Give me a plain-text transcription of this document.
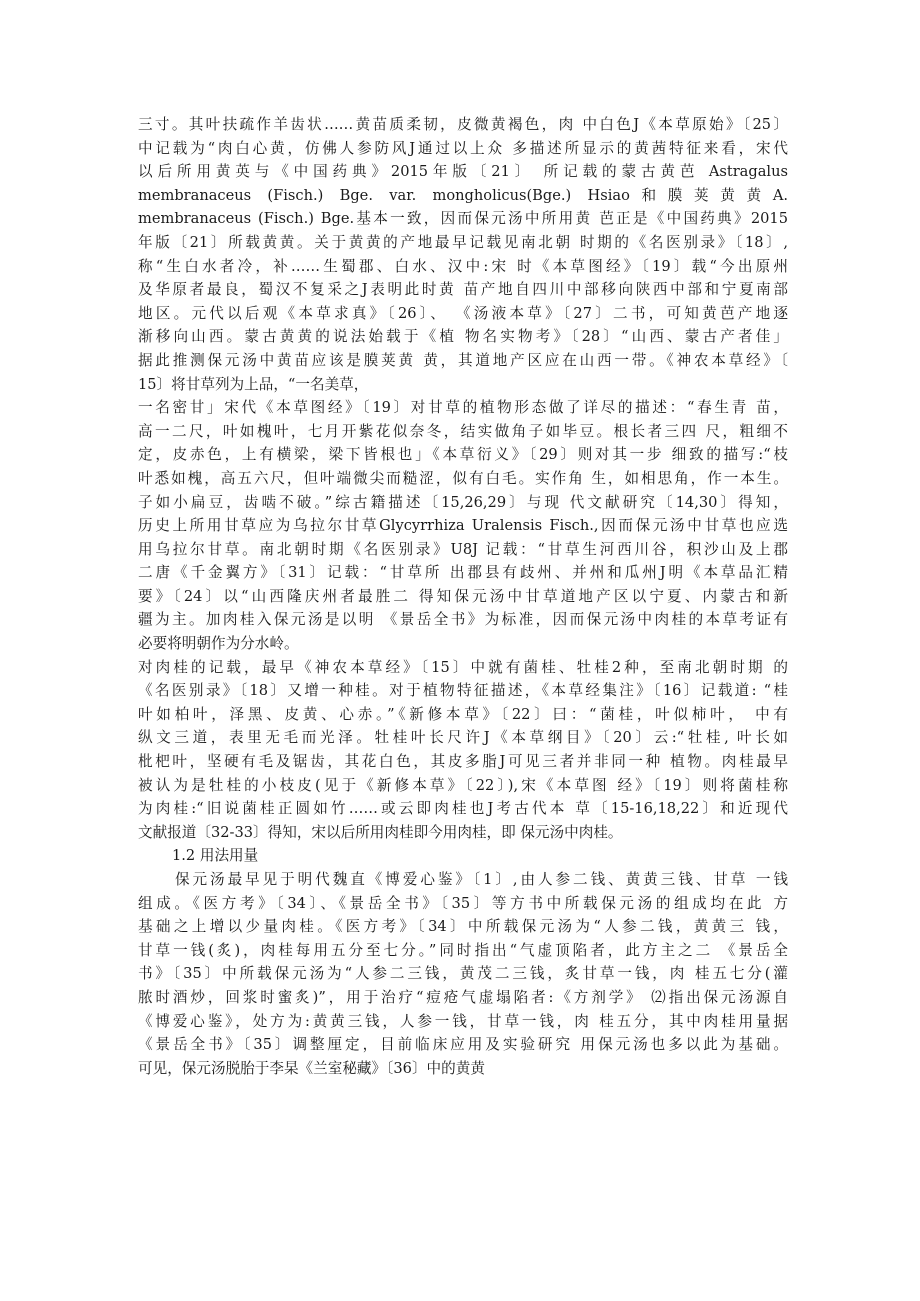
三寸。其叶扶疏作羊齿状……黄苗质柔韧，皮微黄褐色，肉 中白色J《本草原始》〔25〕
中记载为“肉白心黄，仿佛人参防风J通过以上众 多描述所显示的黄茜特征来看，宋代
以后所用黄英与《中国药典》2015年版〔21〕 所记载的蒙古黄芭 Astragalus
membranaceus (Fisch.) Bge. var. mongholicus(Bge.) Hsiao和膜荚黄黄A.
membranaceus (Fisch.) Bge.基本一致，因而保元汤中所用黄 芭正是《中国药典》2015
年版〔21〕所载黄黄。关于黄黄的产地最早记载见南北朝 时期的《名医别录》〔18〕,
称“生白水者冷，补……生蜀郡、白水、汉中:宋 时《本草图经》〔19〕载“今出原州
及华原者最良，蜀汉不复采之J表明此时黄 苗产地自四川中部移向陕西中部和宁夏南部
地区。元代以后观《本草求真》〔26〕、 《汤液本草》〔27〕二书，可知黄芭产地逐
渐移向山西。蒙古黄黄的说法始载于《植 物名实物考》〔28〕“山西、蒙古产者佳」
据此推测保元汤中黄苗应该是膜荚黄 黄，其道地产区应在山西一带。《神农本草经》〔
15〕将甘草列为上品，“一名美草，
一名密甘」宋代《本草图经》〔19〕对甘草的植物形态做了详尽的描述：“春生青 苗，
高一二尺，叶如槐叶，七月开紫花似奈冬，结实做角子如毕豆。根长者三四 尺，粗细不
定，皮赤色，上有横梁，梁下皆根也」《本草衍义》〔29〕则对其一步 细致的描写:“枝
叶悉如槐，高五六尺，但叶端微尖而糙涩，似有白毛。实作角 生，如相思角，作一本生。
子如小扁豆，齿啮不破。”综古籍描述〔15,26,29〕与现 代文献研究〔14,30〕得知，
历史上所用甘草应为乌拉尔甘草Glycyrrhiza Uralensis Fisch.,因而保元汤中甘草也应选
用乌拉尔甘草。南北朝时期《名医别录》U8J 记载：“甘草生河西川谷，积沙山及上郡
二唐《千金翼方》〔31〕记载：“甘草所 出郡县有歧州、并州和瓜州J明《本草品汇精
要》〔24〕以“山西隆庆州者最胜二 得知保元汤中甘草道地产区以宁夏、内蒙古和新
疆为主。加肉桂入保元汤是以明 《景岳全书》为标准，因而保元汤中肉桂的本草考证有
必要将明朝作为分水岭。
对肉桂的记载，最早《神农本草经》〔15〕中就有菌桂、牡桂2种，至南北朝时期 的
《名医别录》〔18〕又增一种桂。对于植物特征描述，《本草经集注》〔16〕记载道: “桂
叶如柏叶，泽黑、皮黄、心赤。”《新修本草》〔22〕曰：“菌桂，叶似柿叶， 中有
纵文三道，表里无毛而光泽。牡桂叶长尺许J《本草纲目》〔20〕云:“牡桂, 叶长如
枇杷叶，坚硬有毛及锯齿，其花白色，其皮多脂J可见三者并非同一种 植物。肉桂最早
被认为是牡桂的小枝皮(见于《新修本草》〔22〕),宋《本草图 经》〔19〕则将菌桂称
为肉桂:“旧说菌桂正圆如竹……或云即肉桂也J考古代本 草〔15-16,18,22〕和近现代
文献报道〔32-33〕得知，宋以后所用肉桂即今用肉桂，即 保元汤中肉桂。
1.2 用法用量
保元汤最早见于明代魏直《博爱心鉴》〔1〕,由人参二钱、黄黄三钱、甘草 一钱
组成。《医方考》〔34〕、《景岳全书》〔35〕等方书中所载保元汤的组成均在此 方
基础之上增以少量肉桂。《医方考》〔34〕中所载保元汤为“人参二钱，黄黄三 钱，
甘草一钱(炙)，肉桂每用五分至七分。”同时指出“气虚顶陷者，此方主之二 《景岳全
书》〔35〕中所载保元汤为“人参二三钱，黄茂二三钱，炙甘草一钱，肉 桂五七分(灌
脓时酒炒，回浆时蜜炙)”，用于治疗“痘疮气虚塌陷者:《方剂学》 ⑵指出保元汤源自
《博爱心鉴》，处方为:黄黄三钱，人参一钱，甘草一钱，肉 桂五分，其中肉桂用量据
《景岳全书》〔35〕调整厘定，目前临床应用及实验研究 用保元汤也多以此为基础。
可见，保元汤脱胎于李杲《兰室秘藏》〔36〕中的黄黄
